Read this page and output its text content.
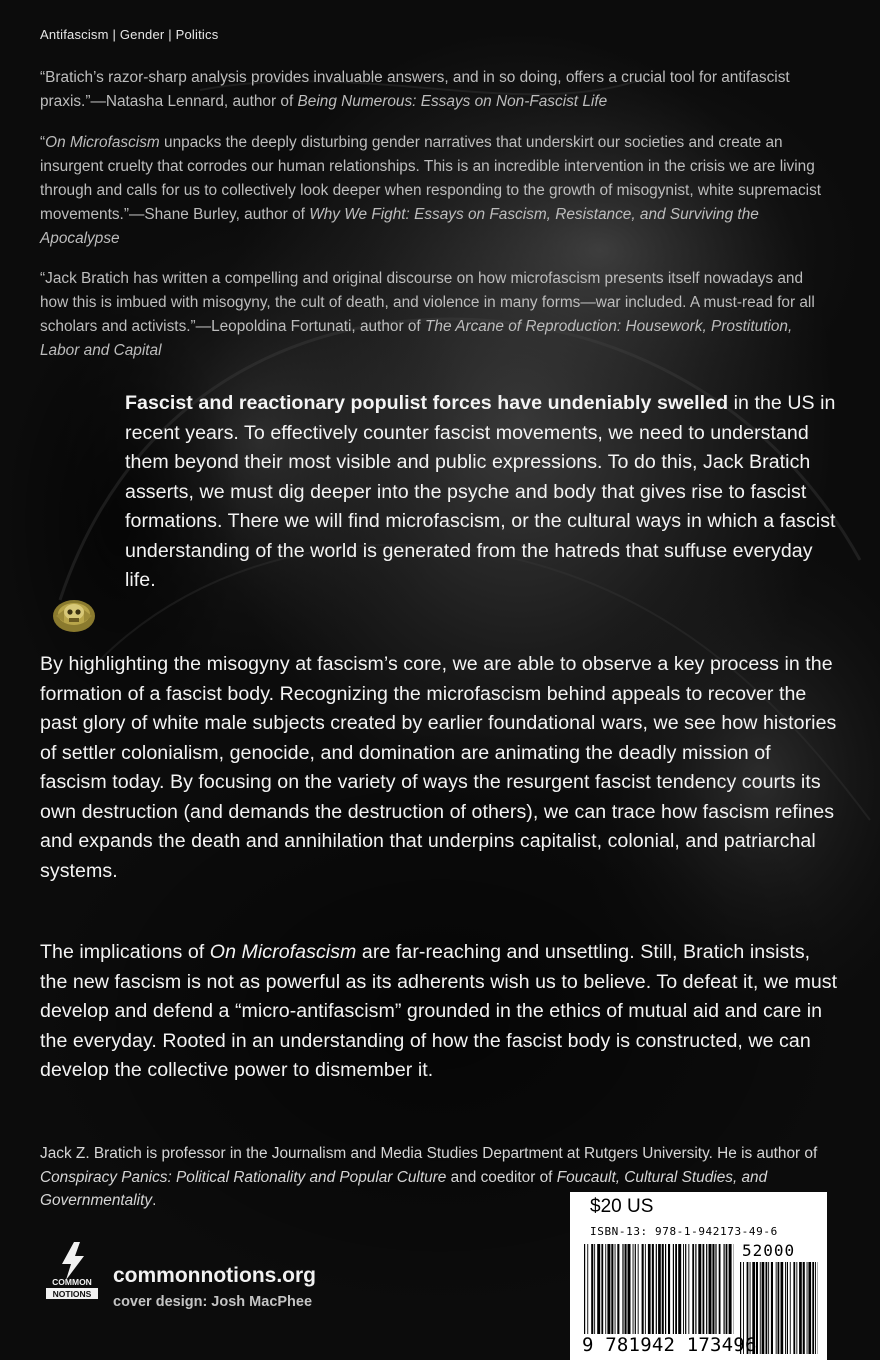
Antifascism | Gender | Politics

“Bratich’s razor-sharp analysis provides invaluable answers, and in so doing, offers a crucial tool for antifascist praxis.”—Natasha Lennard, author of Being Numerous: Essays on Non-Fascist Life

“On Microfascism unpacks the deeply disturbing gender narratives that underskirt our societies and create an insurgent cruelty that corrodes our human relationships. This is an incredible intervention in the crisis we are living through and calls for us to collectively look deeper when responding to the growth of misogynist, white supremacist movements.”—Shane Burley, author of Why We Fight: Essays on Fascism, Resistance, and Surviving the Apocalypse

“Jack Bratich has written a compelling and original discourse on how microfascism presents itself nowadays and how this is imbued with misogyny, the cult of death, and violence in many forms—war included. A must-read for all scholars and activists.”—Leopoldina Fortunati, author of The Arcane of Reproduction: Housework, Prostitution, Labor and Capital

Fascist and reactionary populist forces have undeniably swelled in the US in recent years. To effectively counter fascist movements, we need to understand them beyond their most visible and public expressions. To do this, Jack Bratich asserts, we must dig deeper into the psyche and body that gives rise to fascist formations. There we will find microfascism, or the cultural ways in which a fascist understanding of the world is generated from the hatreds that suffuse everyday life.

By highlighting the misogyny at fascism’s core, we are able to observe a key process in the formation of a fascist body. Recognizing the microfascism behind appeals to recover the past glory of white male subjects created by earlier foundational wars, we see how histories of settler colonialism, genocide, and domination are animating the deadly mission of fascism today. By focusing on the variety of ways the resurgent fascist tendency courts its own destruction (and demands the destruction of others), we can trace how fascism refines and expands the death and annihilation that underpins capitalist, colonial, and patriarchal systems.

The implications of On Microfascism are far-reaching and unsettling. Still, Bratich insists, the new fascism is not as powerful as its adherents wish us to believe. To defeat it, we must develop and defend a “micro-antifascism” grounded in the ethics of mutual aid and care in the everyday. Rooted in an understanding of how the fascist body is constructed, we can develop the collective power to dismember it.

Jack Z. Bratich is professor in the Journalism and Media Studies Department at Rutgers University. He is author of Conspiracy Panics: Political Rationality and Popular Culture and coeditor of Foucault, Cultural Studies, and Governmentality.

COMMON
NOTIONS
commonnotions.org
cover design: Josh MacPhee
$20 US
ISBN-13: 978-1-942173-49-6
52000
9 781942 173496
